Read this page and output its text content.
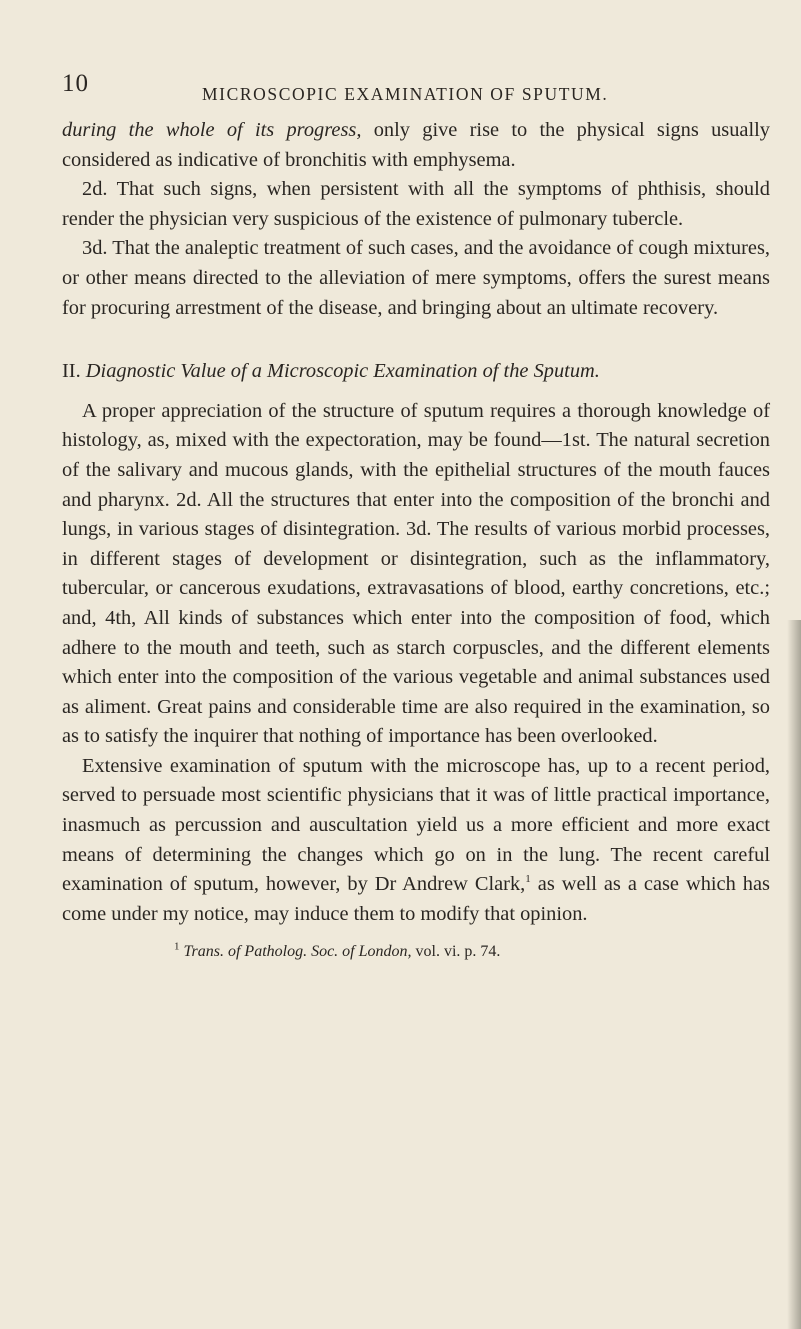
10	MICROSCOPIC EXAMINATION OF SPUTUM.

during the whole of its progress, only give rise to the physical signs usually considered as indicative of bronchitis with emphysema.

2d. That such signs, when persistent with all the symptoms of phthisis, should render the physician very suspicious of the existence of pulmonary tubercle.

3d. That the analeptic treatment of such cases, and the avoidance of cough mixtures, or other means directed to the alleviation of mere symptoms, offers the surest means for procuring arrestment of the disease, and bringing about an ultimate recovery.

II. Diagnostic Value of a Microscopic Examination of the Sputum.

A proper appreciation of the structure of sputum requires a thorough knowledge of histology, as, mixed with the expectoration, may be found—1st. The natural secretion of the salivary and mucous glands, with the epithelial structures of the mouth fauces and pharynx. 2d. All the structures that enter into the composition of the bronchi and lungs, in various stages of disintegration. 3d. The results of various morbid processes, in different stages of development or disintegration, such as the inflammatory, tubercular, or cancerous exudations, extravasations of blood, earthy concretions, etc.; and, 4th, All kinds of substances which enter into the composition of food, which adhere to the mouth and teeth, such as starch corpuscles, and the different elements which enter into the composition of the various vegetable and animal substances used as aliment. Great pains and considerable time are also required in the examination, so as to satisfy the inquirer that nothing of importance has been overlooked.

Extensive examination of sputum with the microscope has, up to a recent period, served to persuade most scientific physicians that it was of little practical importance, inasmuch as percussion and auscultation yield us a more efficient and more exact means of determining the changes which go on in the lung. The recent careful examination of sputum, however, by Dr Andrew Clark,$^1$ as well as a case which has come under my notice, may induce them to modify that opinion.

$^1$ Trans. of Patholog. Soc. of London, vol. vi. p. 74.
